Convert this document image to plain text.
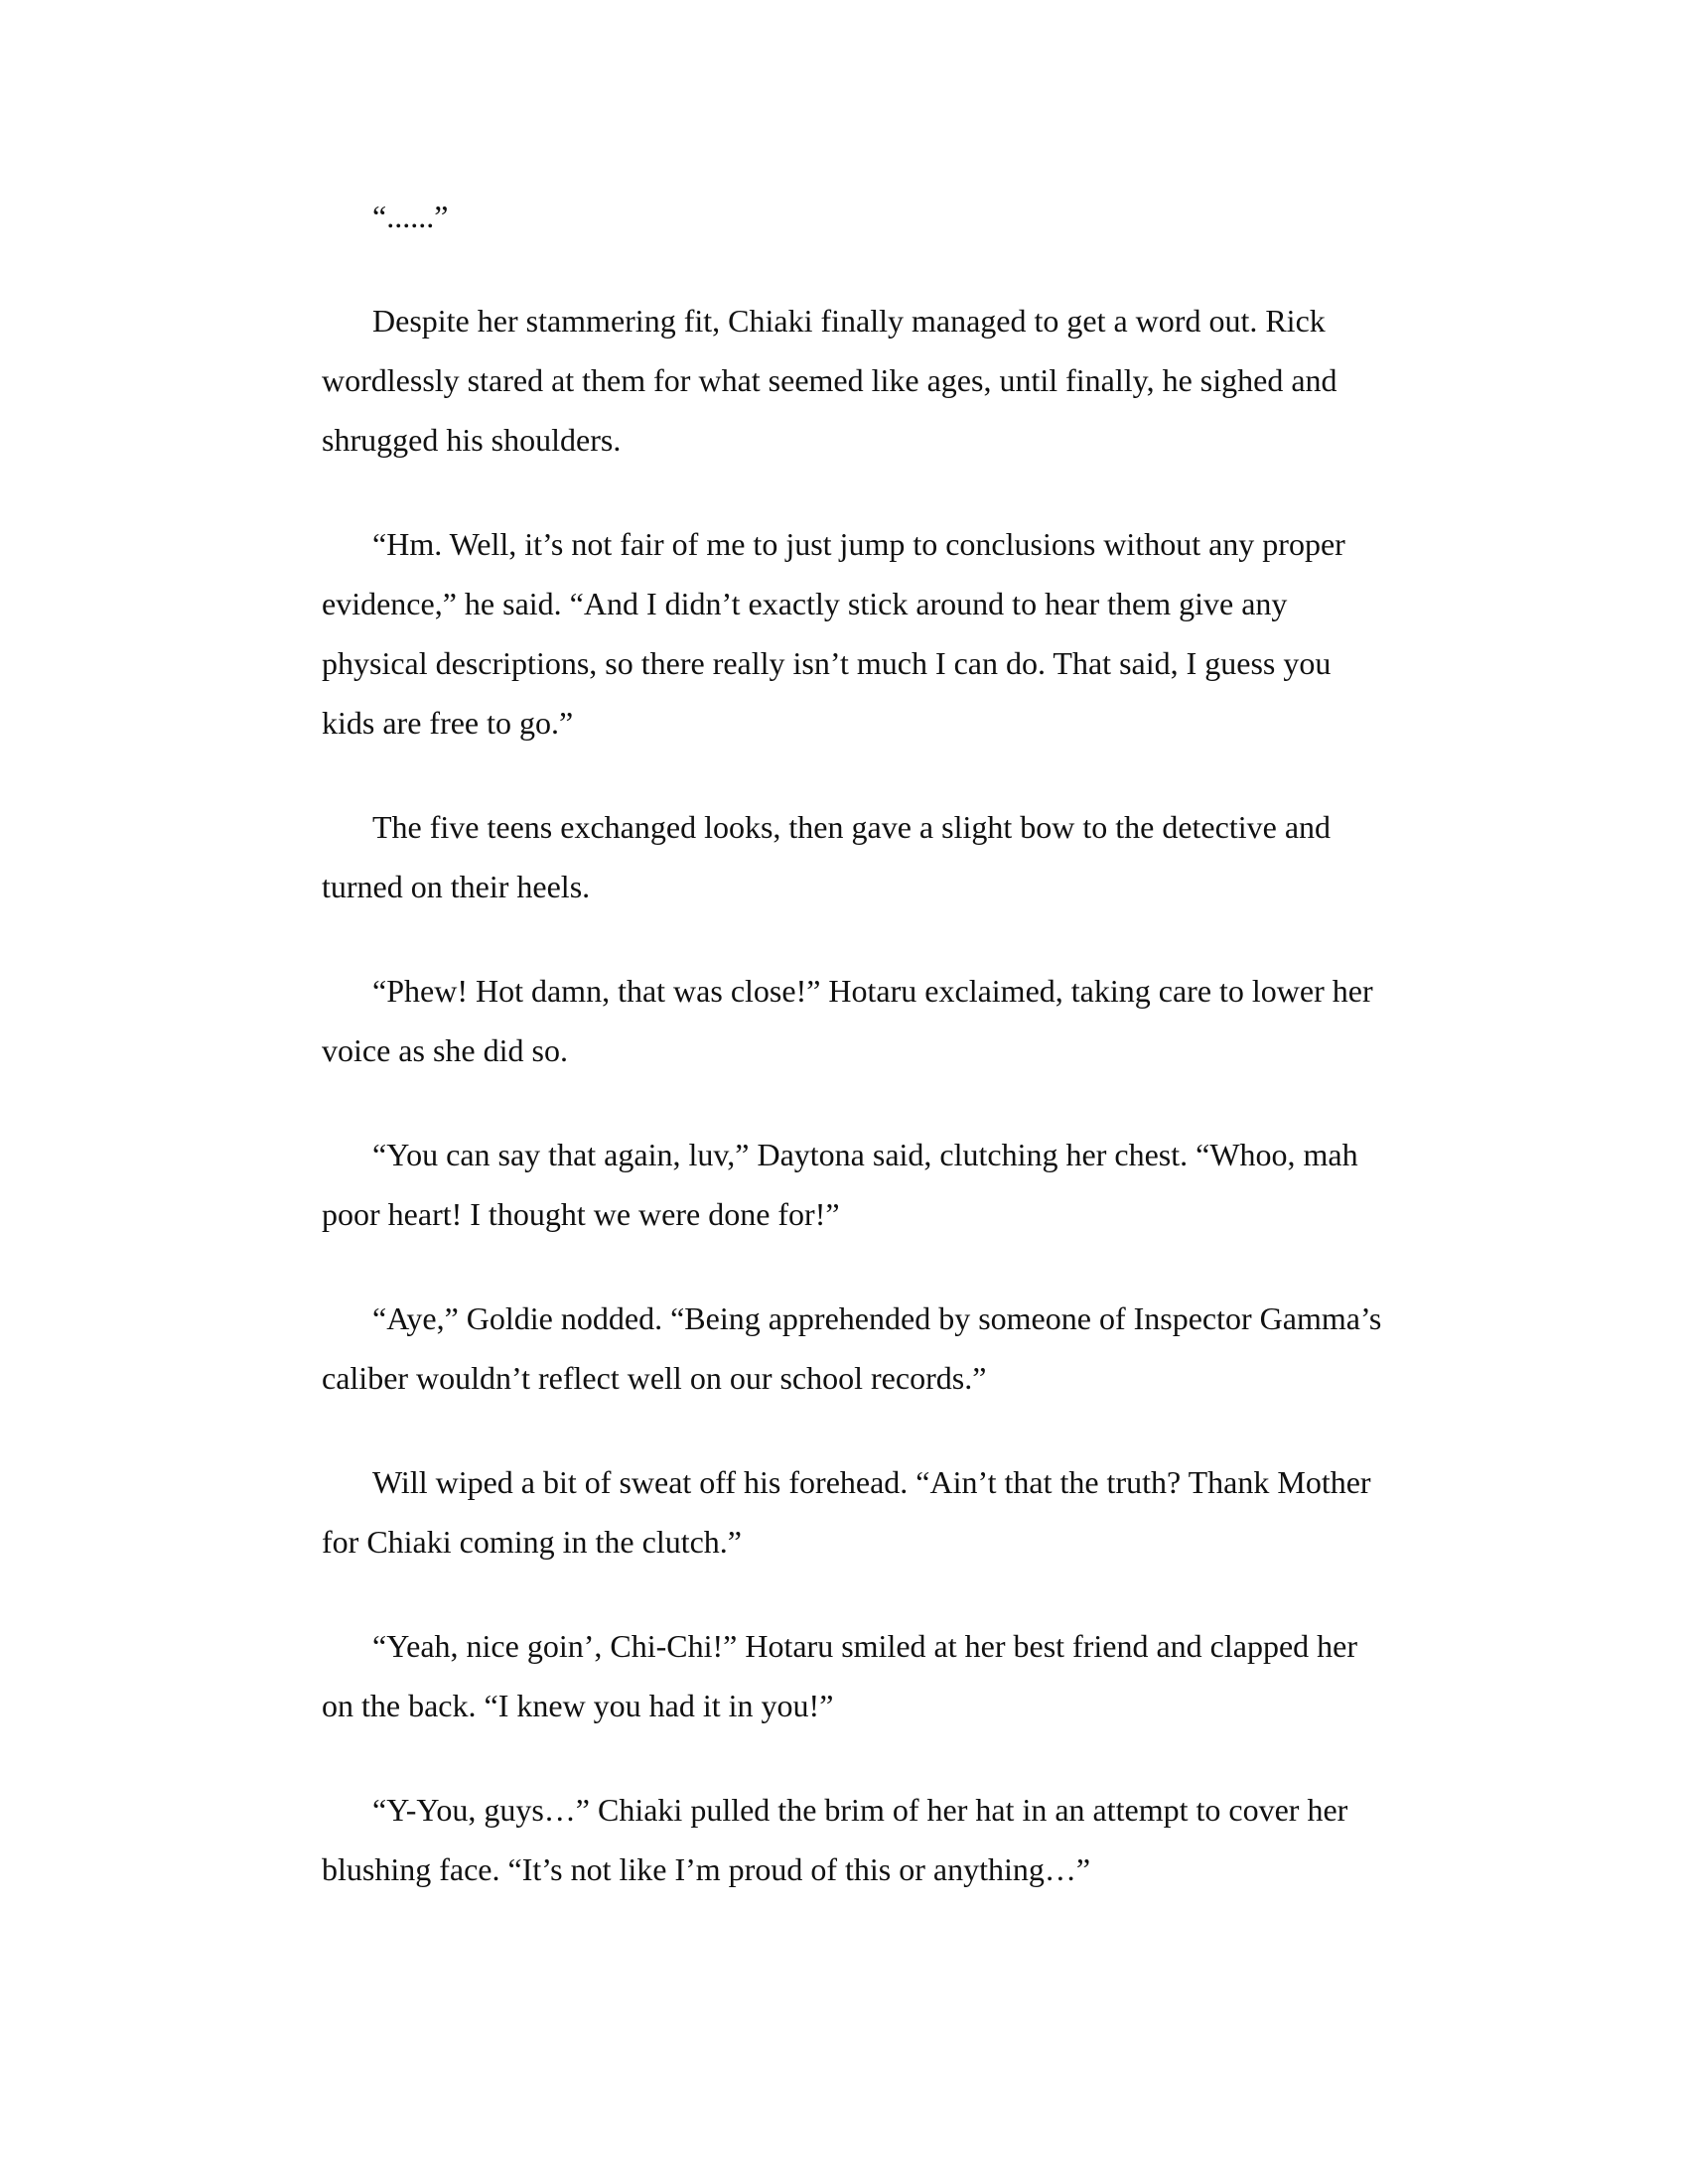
“......”

Despite her stammering fit, Chiaki finally managed to get a word out. Rick wordlessly stared at them for what seemed like ages, until finally, he sighed and shrugged his shoulders.

“Hm. Well, it’s not fair of me to just jump to conclusions without any proper evidence,” he said. “And I didn’t exactly stick around to hear them give any physical descriptions, so there really isn’t much I can do. That said, I guess you kids are free to go.”

The five teens exchanged looks, then gave a slight bow to the detective and turned on their heels.

“Phew! Hot damn, that was close!” Hotaru exclaimed, taking care to lower her voice as she did so.

“You can say that again, luv,” Daytona said, clutching her chest. “Whoo, mah poor heart! I thought we were done for!”

“Aye,” Goldie nodded. “Being apprehended by someone of Inspector Gamma’s caliber wouldn’t reflect well on our school records.”

Will wiped a bit of sweat off his forehead. “Ain’t that the truth? Thank Mother for Chiaki coming in the clutch.”

“Yeah, nice goin’, Chi-Chi!” Hotaru smiled at her best friend and clapped her on the back. “I knew you had it in you!”

“Y-You, guys…” Chiaki pulled the brim of her hat in an attempt to cover her blushing face. “It’s not like I’m proud of this or anything…”
